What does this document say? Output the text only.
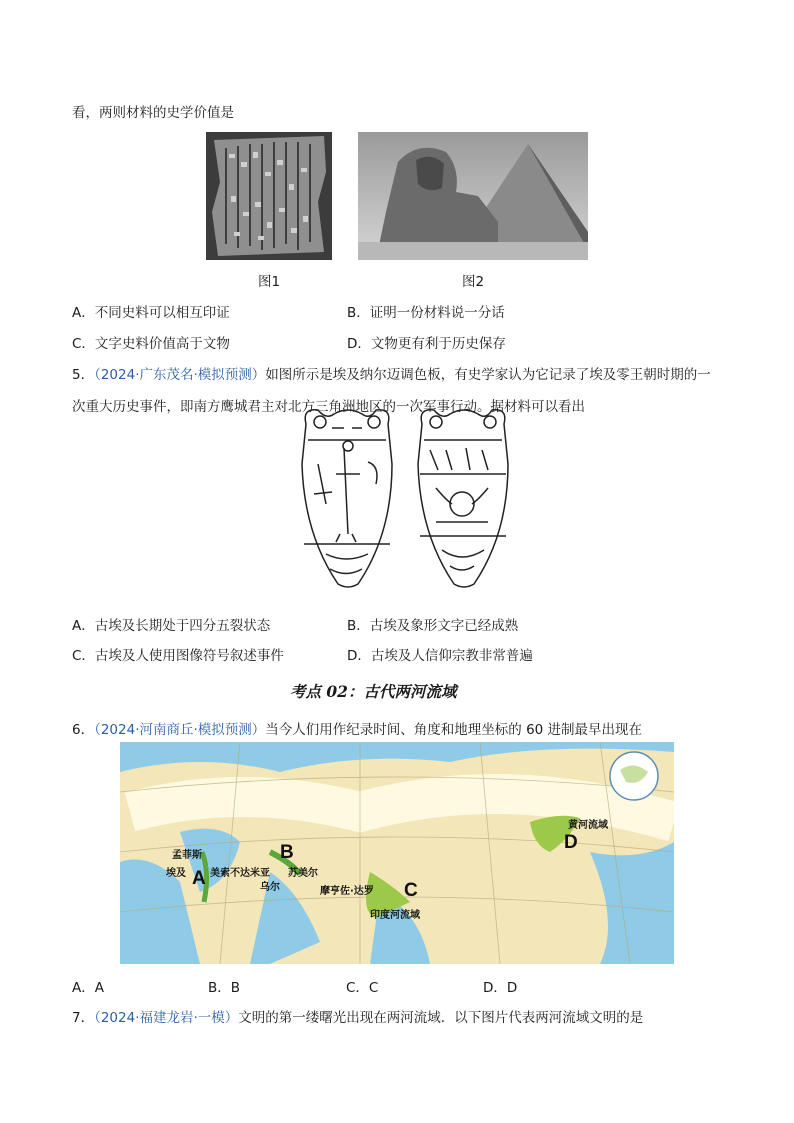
看，两则材料的史学价值是
图1	图2
A．不同史料可以相互印证	B．证明一份材料说一分话
C．文字史料价值高于文物	D．文物更有利于历史保存
5．（2024·广东茂名·模拟预测）如图所示是埃及纳尔迈调色板，有史学家认为它记录了埃及零王朝时期的一
次重大历史事件，即南方鹰城君主对北方三角洲地区的一次军事行动。据材料可以看出
A．古埃及长期处于四分五裂状态	B．古埃及象形文字已经成熟
C．古埃及人使用图像符号叙述事件	D．古埃及人信仰宗教非常普遍
考点 02：古代两河流域
6．（2024·河南商丘·模拟预测）当今人们用作纪录时间、角度和地理坐标的 60 进制最早出现在
孟菲斯
埃及 A 美索不达米亚
B
苏美尔
乌尔	摩亨佐·达罗 C
印度河流域
黄河流域
D
A．A	B．B	C．C	D．D
7．（2024·福建龙岩·一模）文明的第一缕曙光出现在两河流域．以下图片代表两河流域文明的是
